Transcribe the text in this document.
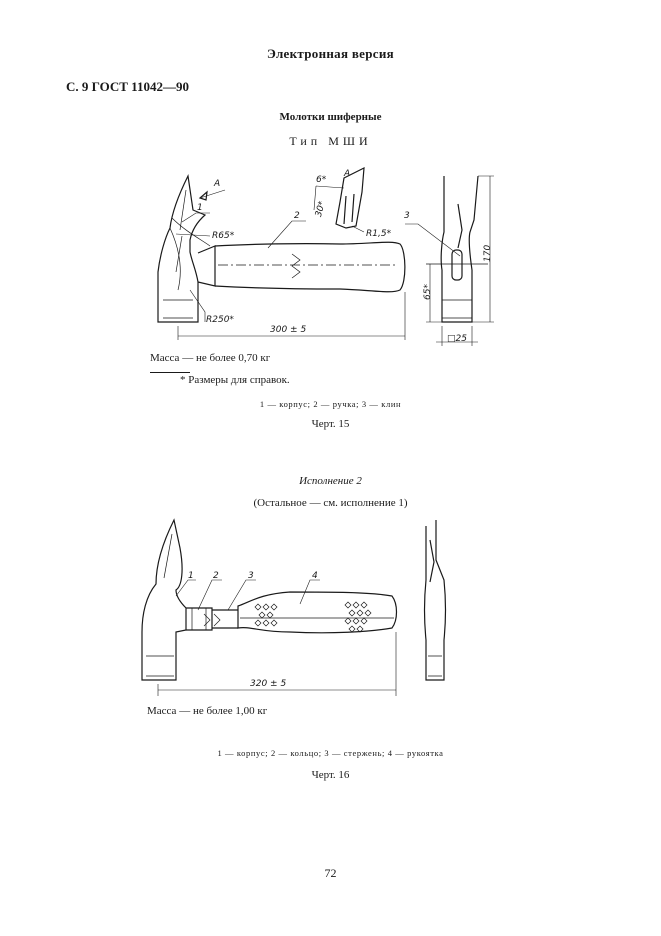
Электронная версия
С. 9 ГОСТ 11042—90
Молотки шиферные
Тип МШИ
А
1
R65*
R250*
2
300 ± 5
6*
30*
А
R1,5*
3
170
65*
□25
Масса — не более 0,70 кг
* Размеры для справок.
1 — корпус; 2 — ручка; 3 — клин
Черт. 15
Исполнение 2
(Остальное — см. исполнение 1)
1 2	3	4
320 ± 5
Масса — не более 1,00 кг
1 — корпус; 2 — кольцо; 3 — стержень; 4 — рукоятка
Черт. 16
72
